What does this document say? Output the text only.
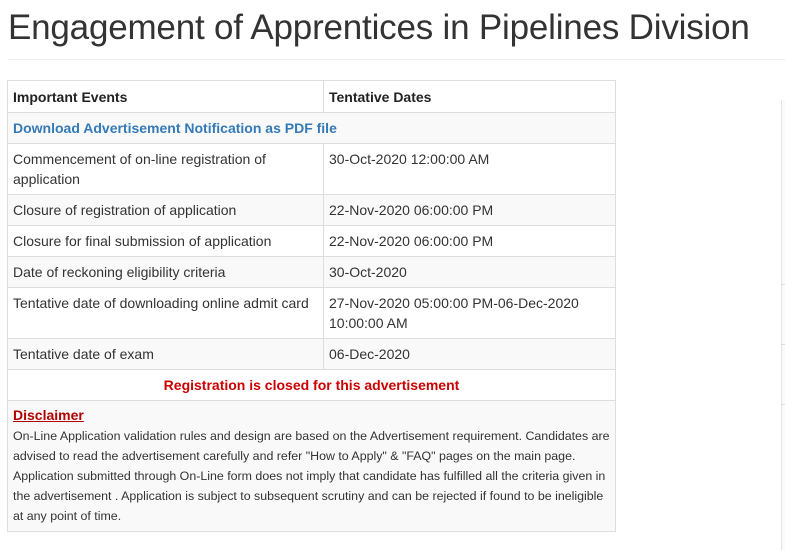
Engagement of Apprentices in Pipelines Division
Important Events	Tentative Dates
Download Advertisement Notification as PDF file	
Commencement of on-line registration of application	30-Oct-2020 12:00:00 AM
Closure of registration of application	22-Nov-2020 06:00:00 PM
Closure for final submission of application	22-Nov-2020 06:00:00 PM
Date of reckoning eligibility criteria	30-Oct-2020
Tentative date of downloading online admit card	27-Nov-2020 05:00:00 PM-06-Dec-2020 10:00:00 AM
Tentative date of exam	06-Dec-2020
Registration is closed for this advertisement	

Disclaimer
On-Line Application validation rules and design are based on the Advertisement requirement. Candidates are advised to read the advertisement carefully and refer "How to Apply" & "FAQ" pages on the main page. Application submitted through On-Line form does not imply that candidate has fulfilled all the criteria given in the advertisement . Application is subject to subsequent scrutiny and can be rejected if found to be ineligible at any point of time.	
